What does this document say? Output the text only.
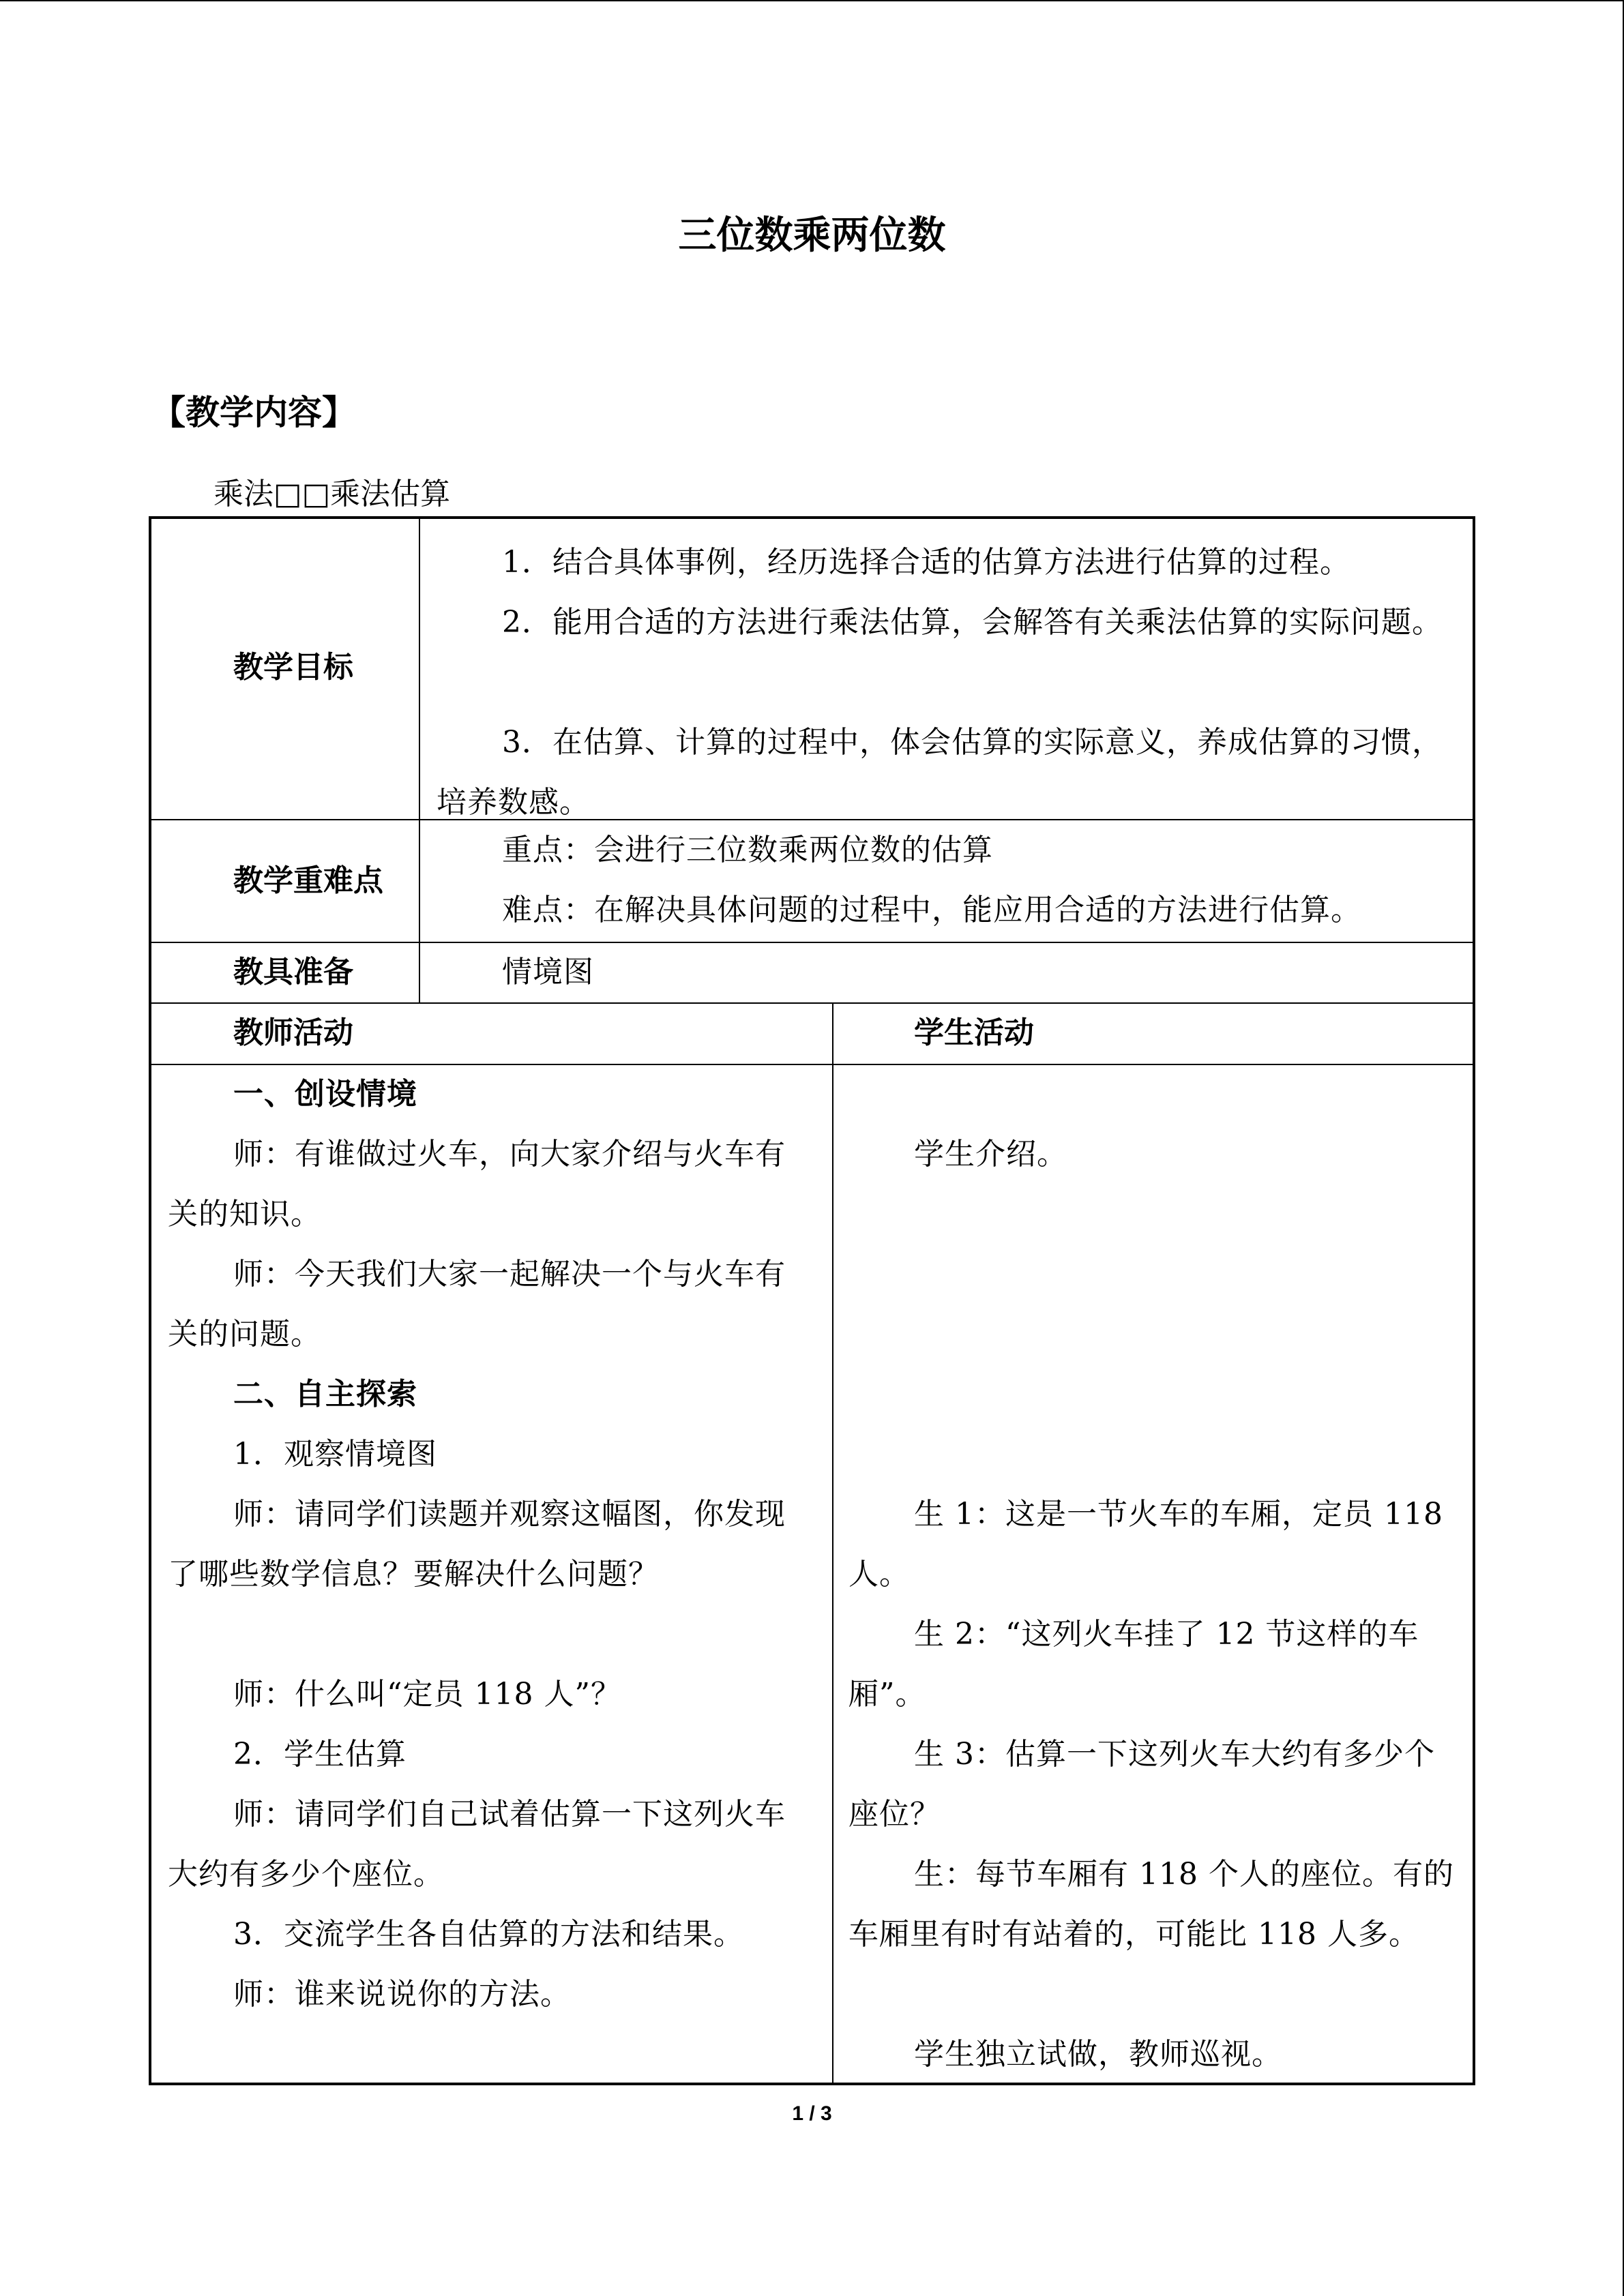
三位数乘两位数
【教学内容】
乘法□□乘法估算
教学目标

1．结合具体事例，经历选择合适的估算方法进行估算的过程。

2．能用合适的方法进行乘法估算，会解答有关乘法估算的实际问题。

3．在估算、计算的过程中，体会估算的实际意义，养成估算的习惯，培养数感。

教学重难点

重点：会进行三位数乘两位数的估算

难点：在解决具体问题的过程中，能应用合适的方法进行估算。

教具准备	情境图

教师活动	学生活动

一、创设情境

师：有谁做过火车，向大家介绍与火车有关的知识。

师：今天我们大家一起解决一个与火车有关的问题。

二、自主探索

1．观察情境图

师：请同学们读题并观察这幅图，你发现了哪些数学信息？要解决什么问题？

师：什么叫“定员 118 人”？

2．学生估算

师：请同学们自己试着估算一下这列火车大约有多少个座位。

3．交流学生各自估算的方法和结果。

师：谁来说说你的方法。

学生介绍。

生 1：这是一节火车的车厢，定员 118 人。

生 2：“这列火车挂了 12 节这样的车厢”。

生 3：估算一下这列火车大约有多少个座位？

生：每节车厢有 118 个人的座位。有的车厢里有时有站着的，可能比 118 人多。

学生独立试做，教师巡视。

1 / 3
